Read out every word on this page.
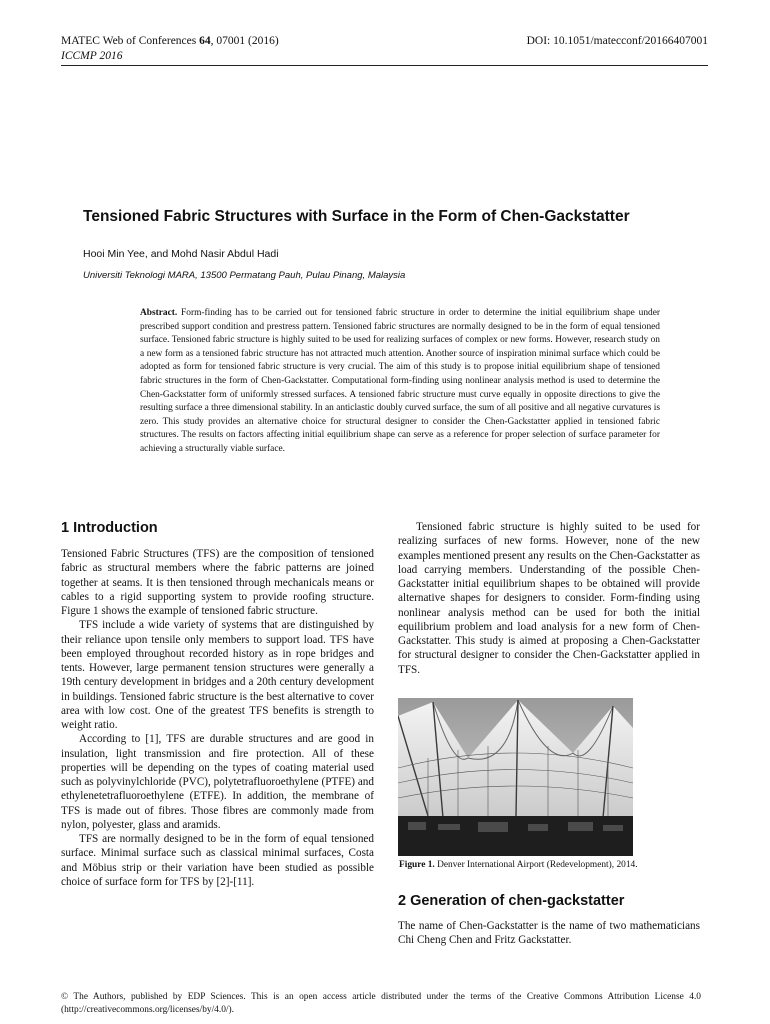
MATEC Web of Conferences 64, 07001 (2016)	DOI: 10.1051/matecconf/20166407001
ICCMP 2016
Tensioned Fabric Structures with Surface in the Form of Chen-Gackstatter
Hooi Min Yee, and Mohd Nasir Abdul Hadi
Universiti Teknologi MARA, 13500 Permatang Pauh, Pulau Pinang, Malaysia
Abstract. Form-finding has to be carried out for tensioned fabric structure in order to determine the initial equilibrium shape under prescribed support condition and prestress pattern. Tensioned fabric structures are normally designed to be in the form of equal tensioned surface. Tensioned fabric structure is highly suited to be used for realizing surfaces of complex or new forms. However, research study on a new form as a tensioned fabric structure has not attracted much attention. Another source of inspiration minimal surface which could be adopted as form for tensioned fabric structure is very crucial. The aim of this study is to propose initial equilibrium shape of tensioned fabric structures in the form of Chen-Gackstatter. Computational form-finding using nonlinear analysis method is used to determine the Chen-Gackstatter form of uniformly stressed surfaces. A tensioned fabric structure must curve equally in opposite directions to give the resulting surface a three dimensional stability. In an anticlastic doubly curved surface, the sum of all positive and all negative curvatures is zero. This study provides an alternative choice for structural designer to consider the Chen-Gackstatter applied in tensioned fabric structures. The results on factors affecting initial equilibrium shape can serve as a reference for proper selection of surface parameter for achieving a structurally viable surface.
1 Introduction

Tensioned Fabric Structures (TFS) are the composition of tensioned fabric as structural members where the fabric patterns are joined together at seams. It is then tensioned through mechanicals means or cables to a rigid supporting system to provide roofing structure. Figure 1 shows the example of tensioned fabric structure.

TFS include a wide variety of systems that are distinguished by their reliance upon tensile only members to support load. TFS have been employed throughout recorded history as in rope bridges and tents. However, large permanent tension structures were generally a 19th century development in bridges and a 20th century development in buildings. Tensioned fabric structure is the best alternative to cover area with low cost. One of the greatest TFS benefits is strength to weight ratio.

According to [1], TFS are durable structures and are good in insulation, light transmission and fire protection. All of these properties will be depending on the types of coating material used such as polyvinylchloride (PVC), polytetrafluoroethylene (PTFE) and ethylenetetrafluoroethylene (ETFE). In addition, the membrane of TFS is made out of fibres. Those fibres are commonly made from nylon, polyester, glass and aramids.

TFS are normally designed to be in the form of equal tensioned surface. Minimal surface such as classical minimal surfaces, Costa and Möbius strip or their variation have been studied as possible choice of surface form for TFS by [2]-[11].

Tensioned fabric structure is highly suited to be used for realizing surfaces of new forms. However, none of the new examples mentioned present any results on the Chen-Gackstatter as load carrying members. Understanding of the possible Chen-Gackstatter initial equilibrium shapes to be obtained will provide alternative shapes for designers to consider. Form-finding using nonlinear analysis method can be used for both the initial equilibrium problem and load analysis for a new form of Chen-Gackstatter. This study is aimed at proposing a Chen-Gackstatter for structural designer to consider the Chen-Gackstatter applied in TFS.

Figure 1. Denver International Airport (Redevelopment), 2014.
2 Generation of chen-gackstatter

The name of Chen-Gackstatter is the name of two mathematicians Chi Cheng Chen and Fritz Gackstatter.

© The Authors, published by EDP Sciences. This is an open access article distributed under the terms of the Creative Commons Attribution License 4.0 (http://creativecommons.org/licenses/by/4.0/).
